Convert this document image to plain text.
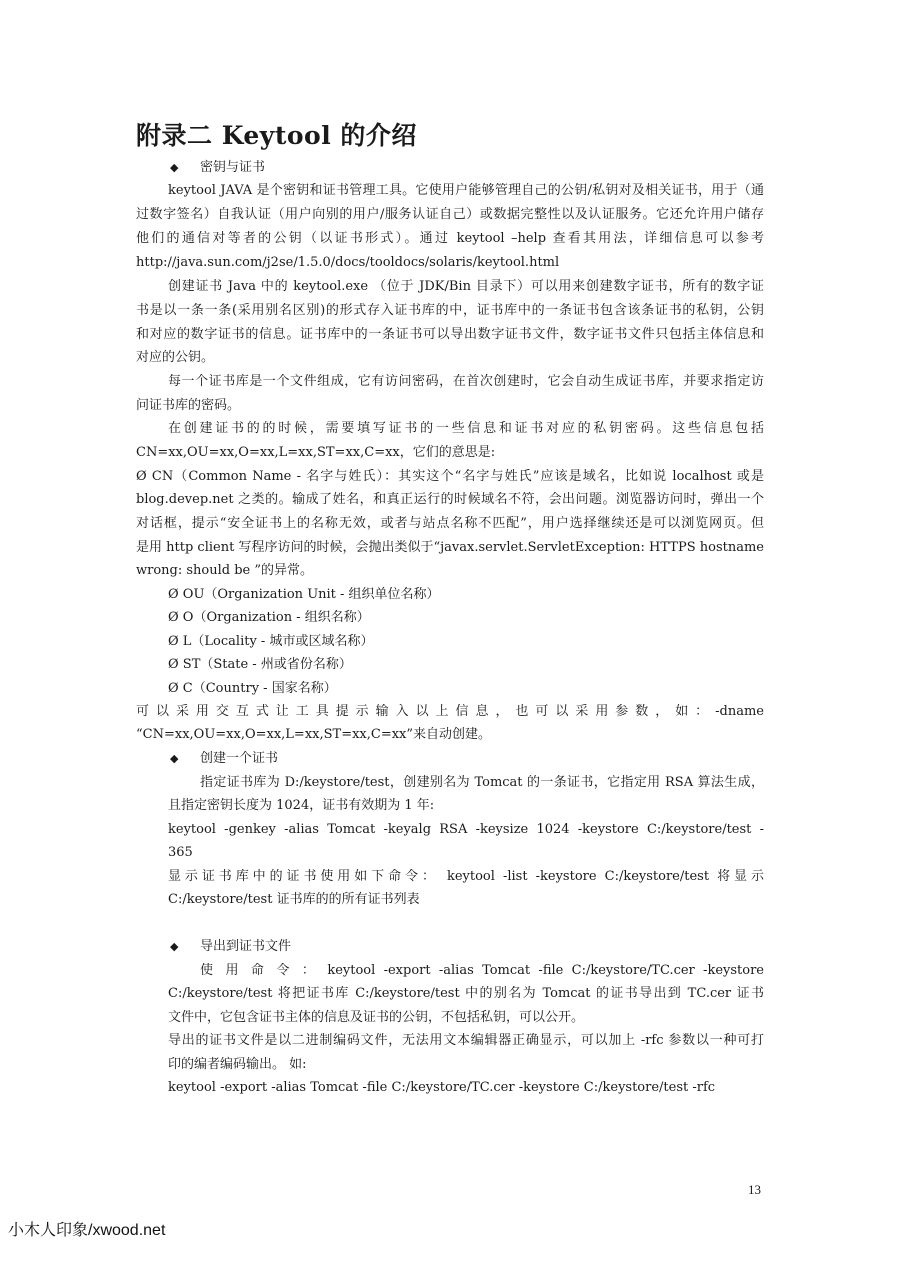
附录二 Keytool 的介绍

◆ 密钥与证书

keytool JAVA 是个密钥和证书管理工具。它使用户能够管理自己的公钥/私钥对及相关证书，用于（通

过数字签名）自我认证（用户向别的用户/服务认证自己）或数据完整性以及认证服务。它还允许用户储存

他们的通信对等者的公钥（以证书形式）。通过 keytool –help 查看其用法，详细信息可以参考

http://java.sun.com/j2se/1.5.0/docs/tooldocs/solaris/keytool.html

创建证书 Java 中的 keytool.exe （位于 JDK/Bin 目录下）可以用来创建数字证书，所有的数字证

书是以一条一条(采用别名区别)的形式存入证书库的中，证书库中的一条证书包含该条证书的私钥，公钥

和对应的数字证书的信息。证书库中的一条证书可以导出数字证书文件，数字证书文件只包括主体信息和

对应的公钥。

每一个证书库是一个文件组成，它有访问密码，在首次创建时，它会自动生成证书库，并要求指定访

问证书库的密码。

在创建证书的的时候，需要填写证书的一些信息和证书对应的私钥密码。这些信息包括

CN=xx,OU=xx,O=xx,L=xx,ST=xx,C=xx，它们的意思是:

Ø CN（Common Name - 名字与姓氏）：其实这个“名字与姓氏”应该是域名，比如说 localhost 或是

blog.devep.net 之类的。输成了姓名，和真正运行的时候域名不符，会出问题。浏览器访问时，弹出一个

对话框，提示“安全证书上的名称无效，或者与站点名称不匹配”，用户选择继续还是可以浏览网页。但

是用 http client 写程序访问的时候，会抛出类似于“javax.servlet.ServletException: HTTPS hostname

wrong: should be ”的异常。

Ø OU（Organization Unit - 组织单位名称）

Ø O（Organization - 组织名称）

Ø L（Locality - 城市或区域名称）

Ø ST（State - 州或省份名称）

Ø C（Country - 国家名称）

可 以 采 用 交 互 式 让 工 具 提 示 输 入 以 上 信 息 ， 也 可 以 采 用 参 数 ， 如 ： -dname

“CN=xx,OU=xx,O=xx,L=xx,ST=xx,C=xx”来自动创建。

◆ 创建一个证书

指定证书库为 D:/keystore/test，创建别名为 Tomcat 的一条证书，它指定用 RSA 算法生成，

且指定密钥长度为 1024，证书有效期为 1 年:

keytool -genkey -alias Tomcat -keyalg RSA -keysize 1024 -keystore C:/keystore/test -

365

显示证书库中的证书使用如下命令： keytool -list -keystore C:/keystore/test 将显示

C:/keystore/test 证书库的的所有证书列表

◆ 导出到证书文件

使 用 命 令 ： keytool -export -alias Tomcat -file C:/keystore/TC.cer -keystore

C:/keystore/test 将把证书库 C:/keystore/test 中的别名为 Tomcat 的证书导出到 TC.cer 证书

文件中，它包含证书主体的信息及证书的公钥，不包括私钥，可以公开。

导出的证书文件是以二进制编码文件，无法用文本编辑器正确显示，可以加上 -rfc 参数以一种可打

印的编者编码输出。 如:

keytool -export -alias Tomcat -file C:/keystore/TC.cer -keystore C:/keystore/test -rfc

13

小木人印象/xwood.net
